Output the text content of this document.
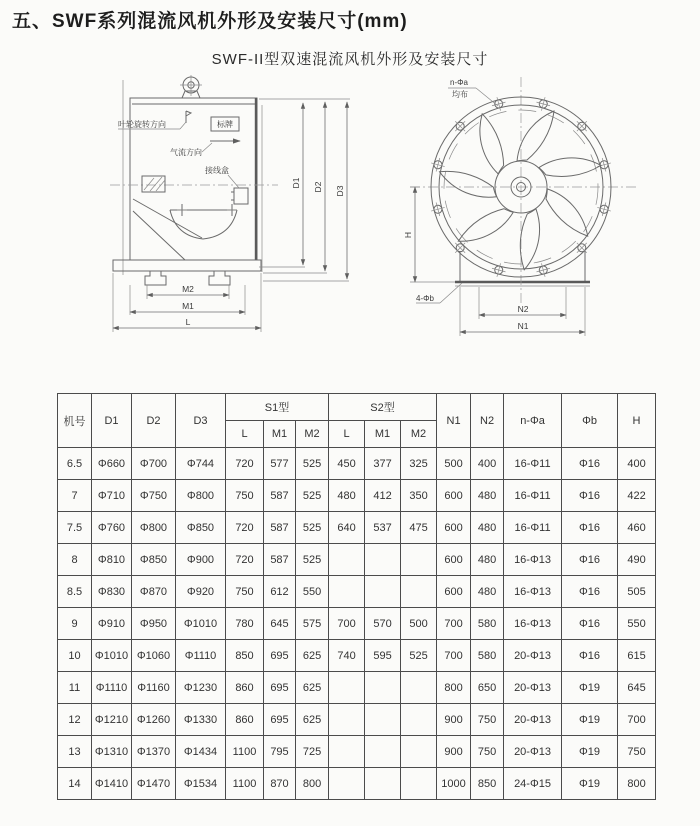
五、SWF系列混流风机外形及安装尺寸(mm)
SWF-II型双速混流风机外形及安装尺寸
叶轮旋转方向	标牌
气流方向
接线盒
D1 D2 D3
M2
M1
L
H
N2
N1
n-Φa
均布
4-Φb
机号	D1	D2	D3	S1型			S2型			N1	N2	n-Φa	Φb	H
				L	M1	M2	L	M1	M2					
6.5	Φ660	Φ700	Φ744	720	577	525	450	377	325	500	400	16-Φ11	Φ16	400
7	Φ710	Φ750	Φ800	750	587	525	480	412	350	600	480	16-Φ11	Φ16	422
7.5	Φ760	Φ800	Φ850	720	587	525	640	537	475	600	480	16-Φ11	Φ16	460
8	Φ810	Φ850	Φ900	720	587	525				600	480	16-Φ13	Φ16	490
8.5	Φ830	Φ870	Φ920	750	612	550				600	480	16-Φ13	Φ16	505
9	Φ910	Φ950	Φ1010	780	645	575	700	570	500	700	580	16-Φ13	Φ16	550
10	Φ1010	Φ1060	Φ1110	850	695	625	740	595	525	700	580	20-Φ13	Φ16	615
11	Φ1110	Φ1160	Φ1230	860	695	625				800	650	20-Φ13	Φ19	645
12	Φ1210	Φ1260	Φ1330	860	695	625				900	750	20-Φ13	Φ19	700
13	Φ1310	Φ1370	Φ1434	1100	795	725				900	750	20-Φ13	Φ19	750
14	Φ1410	Φ1470	Φ1534	1100	870	800				1000	850	24-Φ15	Φ19	800
